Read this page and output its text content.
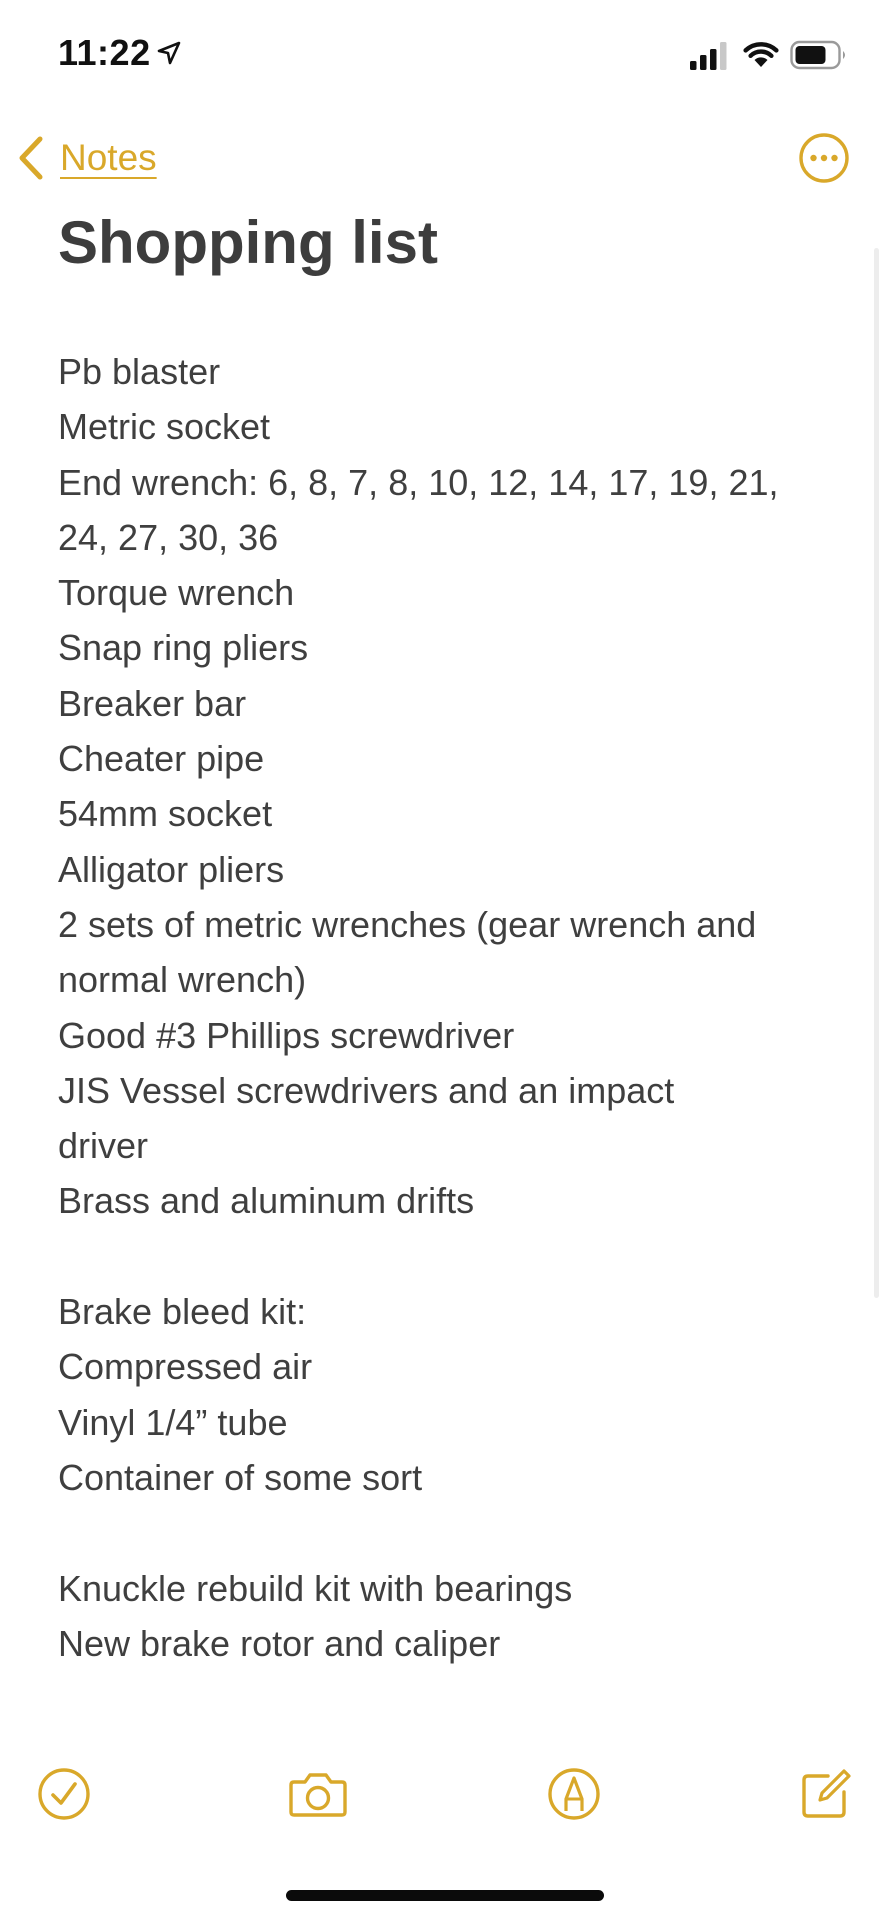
11:22
Notes
Shopping list
Pb blaster
Metric socket
End wrench: 6, 8, 7, 8, 10, 12, 14, 17, 19, 21,
24, 27, 30, 36
Torque wrench
Snap ring pliers
Breaker bar
Cheater pipe
54mm socket
Alligator pliers
2 sets of metric wrenches (gear wrench and
normal wrench)
Good #3 Phillips screwdriver
JIS Vessel screwdrivers and an impact
driver
Brass and aluminum drifts
Brake bleed kit:
Compressed air
Vinyl 1/4” tube
Container of some sort
Knuckle rebuild kit with bearings
New brake rotor and caliper
